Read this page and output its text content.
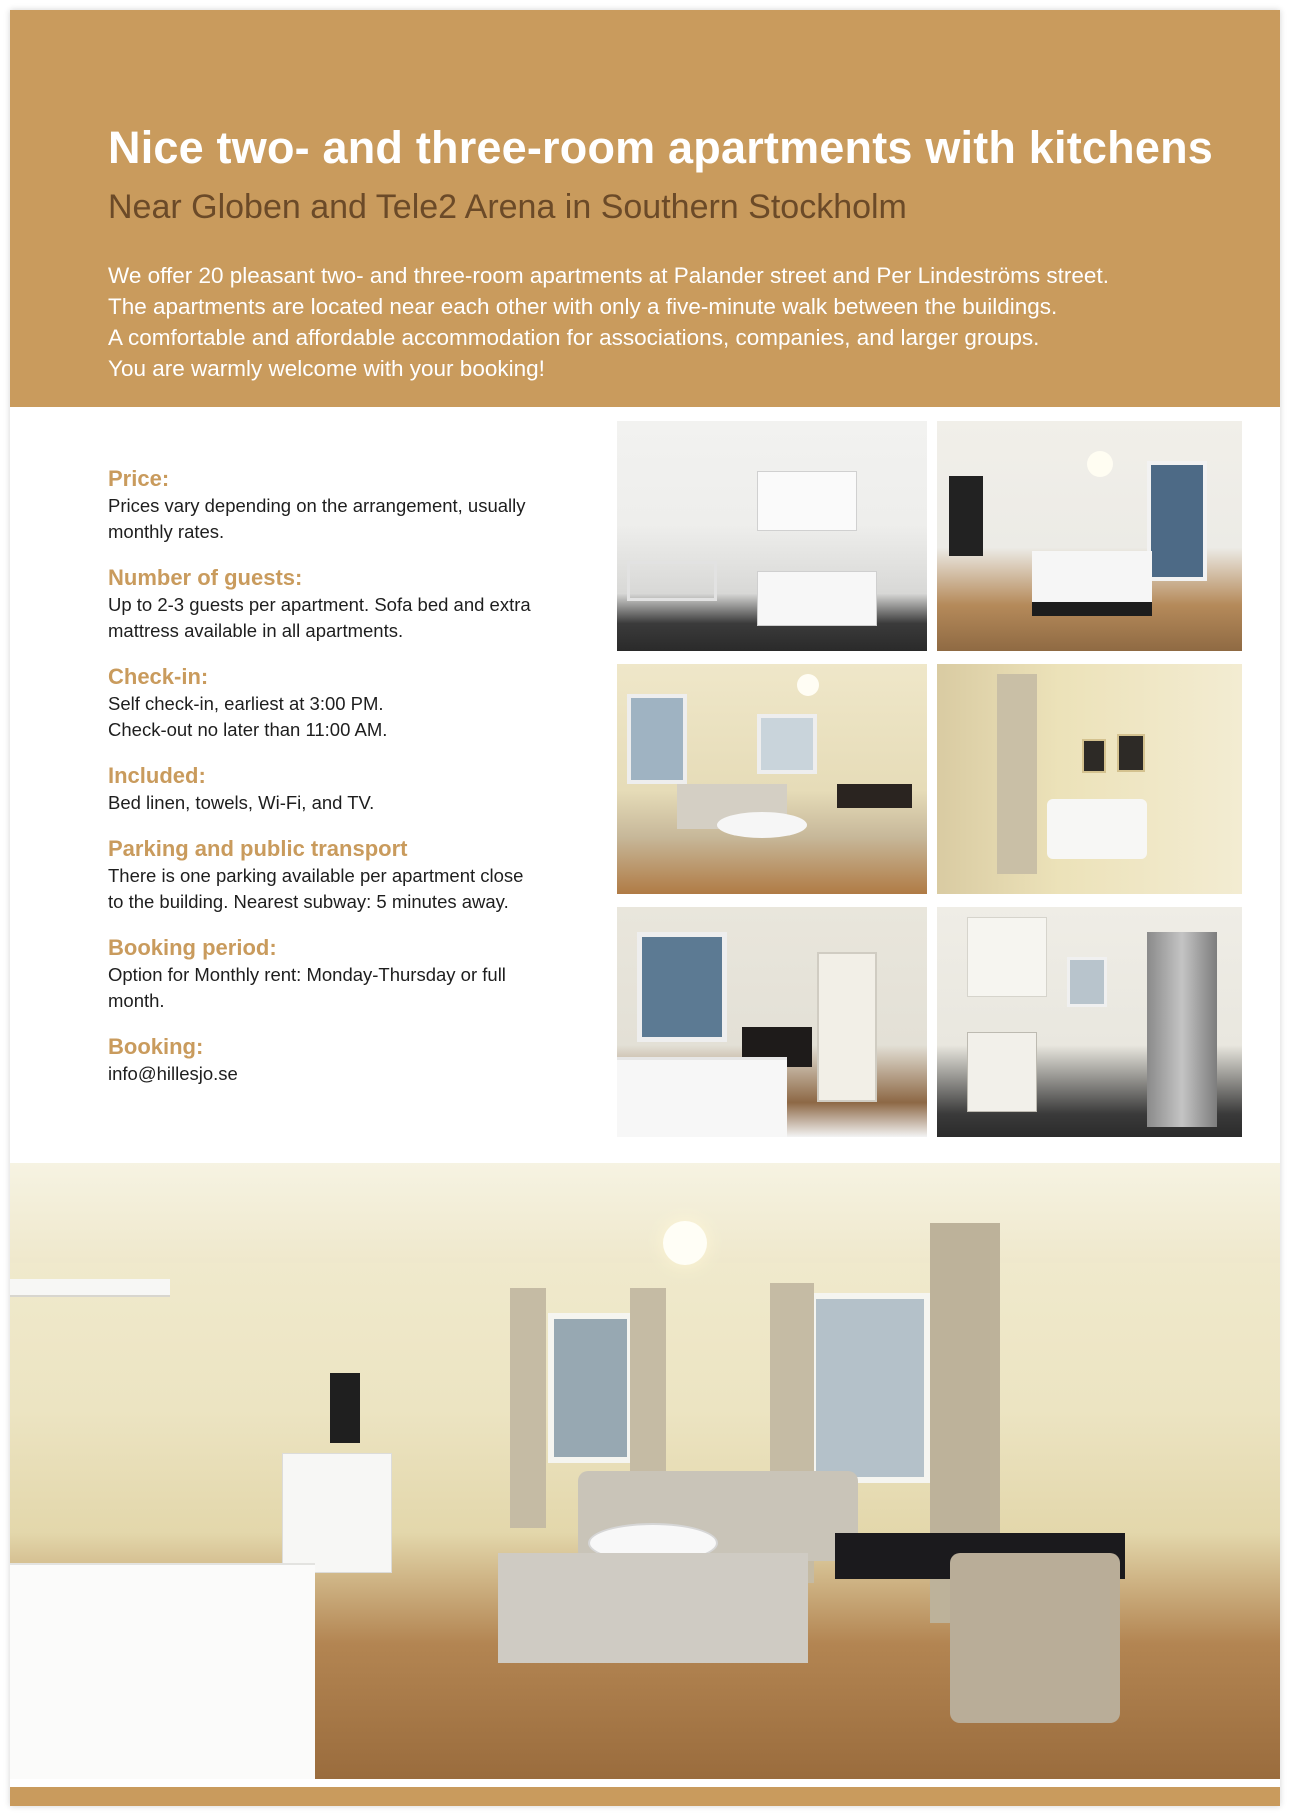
Nice two- and three-room apartments with kitchens
Near Globen and Tele2 Arena in Southern Stockholm
We offer 20 pleasant two- and three-room apartments at Palander street and Per Lindeströms street.
The apartments are located near each other with only a five-minute walk between the buildings.
A comfortable and affordable accommodation for associations, companies, and larger groups.
You are warmly welcome with your booking!
Price:
Prices vary depending on the arrangement, usually
monthly rates.
Number of guests:
Up to 2-3 guests per apartment. Sofa bed and extra
mattress available in all apartments.
Check-in:
Self check-in, earliest at 3:00 PM.
Check-out no later than 11:00 AM.
Included:
Bed linen, towels, Wi-Fi, and TV.
Parking and public transport
There is one parking available per apartment close
to the building. Nearest subway: 5 minutes away.
Booking period:
Option for Monthly rent: Monday-Thursday or full
month.
Booking:
info@hillesjo.se
